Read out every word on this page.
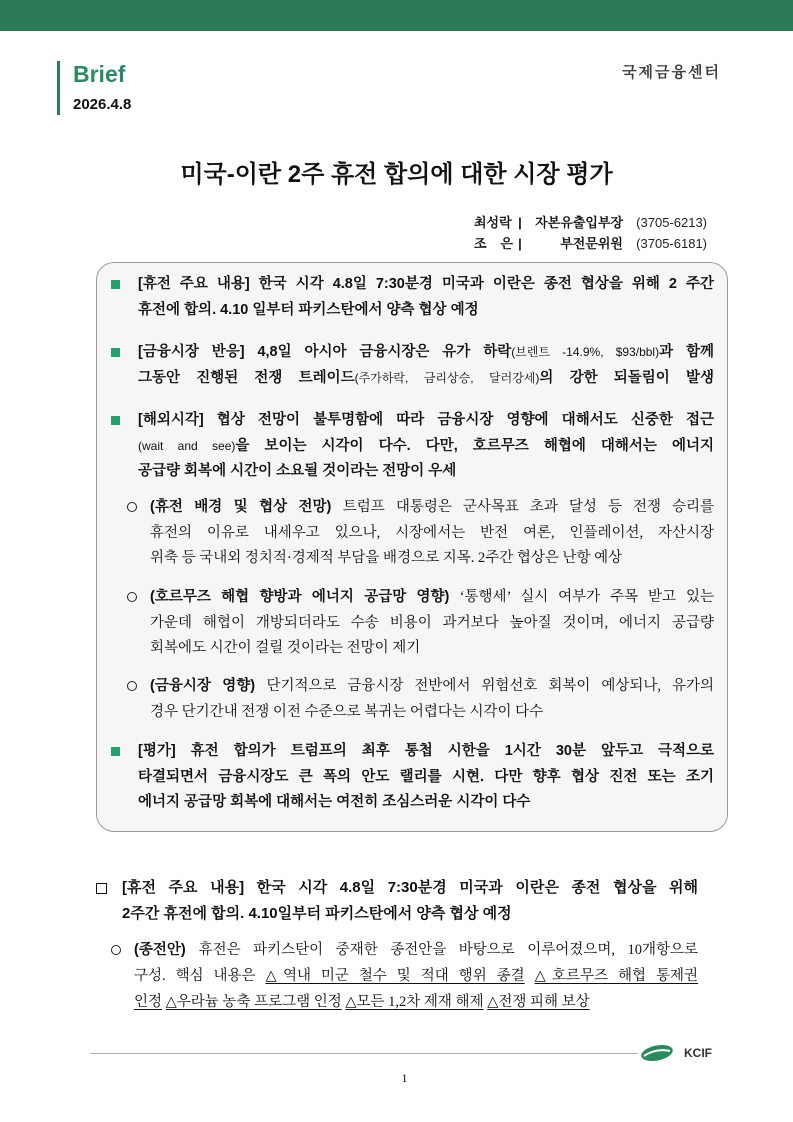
Brief
2026.4.8
국제금융센터
미국-이란 2주 휴전 합의에 대한 시장 평가
최성락 |	자본유출입부장	(3705-6213)
조 은 |	부전문위원	(3705-6181)
[휴전 주요 내용] 한국 시각 4.8일 7:30분경 미국과 이란은 종전 협상을 위해 2 주간
휴전에 합의. 4.10 일부터 파키스탄에서 양측 협상 예정
[금융시장 반응] 4,8일 아시아 금융시장은 유가 하락(브렌트 -14.9%, $93/bbl)과 함께
그동안 진행된 전쟁 트레이드(주가하락, 금리상승, 달러강세)의 강한 되돌림이 발생
[해외시각] 협상 전망이 불투명함에 따라 금융시장 영향에 대해서도 신중한 접근
(wait and see)을 보이는 시각이 다수. 다만, 호르무즈 해협에 대해서는 에너지
공급량 회복에 시간이 소요될 것이라는 전망이 우세
(휴전 배경 및 협상 전망) 트럼프 대통령은 군사목표 초과 달성 등 전쟁 승리를
휴전의 이유로 내세우고 있으나, 시장에서는 반전 여론, 인플레이션, 자산시장
위축 등 국내외 정치적·경제적 부담을 배경으로 지목. 2주간 협상은 난항 예상
(호르무즈 해협 향방과 에너지 공급망 영향) ‘통행세’ 실시 여부가 주목 받고 있는
가운데 해협이 개방되더라도 수송 비용이 과거보다 높아질 것이며, 에너지 공급량
회복에도 시간이 걸릴 것이라는 전망이 제기
(금융시장 영향) 단기적으로 금융시장 전반에서 위험선호 회복이 예상되나, 유가의
경우 단기간내 전쟁 이전 수준으로 복귀는 어렵다는 시각이 다수
[평가] 휴전 합의가 트럼프의 최후 통첩 시한을 1시간 30분 앞두고 극적으로
타결되면서 금융시장도 큰 폭의 안도 랠리를 시현. 다만 향후 협상 진전 또는 조기
에너지 공급망 회복에 대해서는 여전히 조심스러운 시각이 다수
[휴전 주요 내용] 한국 시각 4.8일 7:30분경 미국과 이란은 종전 협상을 위해
2주간 휴전에 합의. 4.10일부터 파키스탄에서 양측 협상 예정
(종전안) 휴전은 파키스탄이 중재한 종전안을 바탕으로 이루어졌으며, 10개항으로
구성. 핵심 내용은 △역내 미군 철수 및 적대 행위 종결 △호르무즈 해협 통제권
인정 △우라늄 농축 프로그램 인정 △모든 1,2차 제재 해제 △전쟁 피해 보상
KCIF
1
